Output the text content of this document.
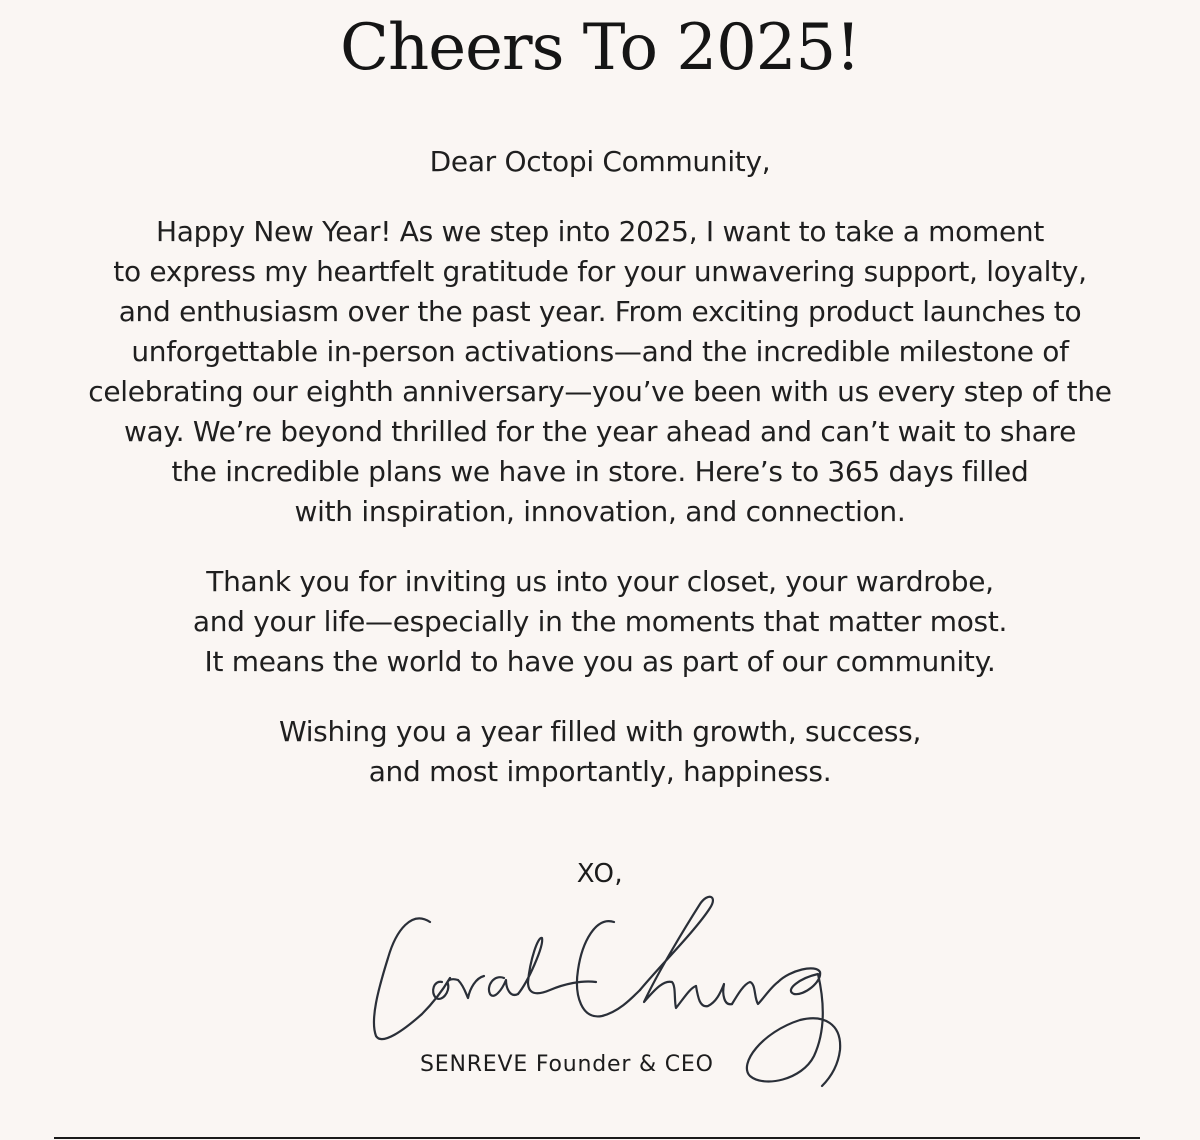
Cheers To 2025!

Dear Octopi Community,

Happy New Year! As we step into 2025, I want to take a moment
to express my heartfelt gratitude for your unwavering support, loyalty,
and enthusiasm over the past year. From exciting product launches to
unforgettable in-person activations—and the incredible milestone of
celebrating our eighth anniversary—you’ve been with us every step of the
way. We’re beyond thrilled for the year ahead and can’t wait to share
the incredible plans we have in store. Here’s to 365 days filled
with inspiration, innovation, and connection.

Thank you for inviting us into your closet, your wardrobe,
and your life—especially in the moments that matter most.
It means the world to have you as part of our community.

Wishing you a year filled with growth, success,
and most importantly, happiness.

XO,
SENREVE Founder & CEO
